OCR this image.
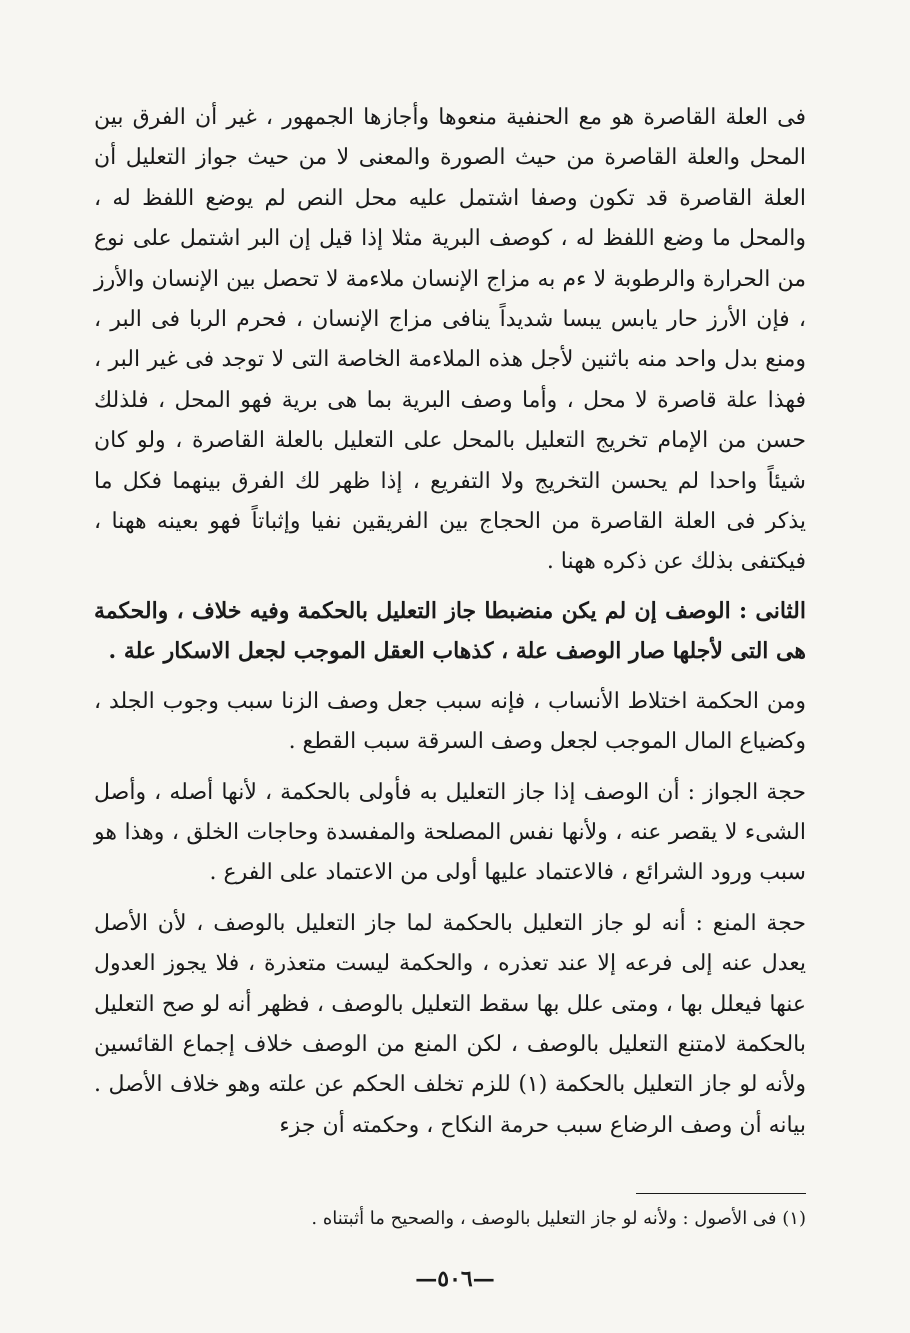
فى العلة القاصرة هو مع الحنفية منعوها وأجازها الجمهور ، غير أن الفرق بين المحل والعلة القاصرة من حيث الصورة والمعنى لا من حيث جواز التعليل أن العلة القاصرة قد تكون وصفا اشتمل عليه محل النص لم يوضع اللفظ له ، والمحل ما وضع اللفظ له ، كوصف البرية مثلا إذا قيل إن البر اشتمل على نوع من الحرارة والرطوبة لا ءم به مزاج الإنسان ملاءمة لا تحصل بين الإنسان والأرز ، فإن الأرز حار يابس يبسا شديداً ينافى مزاج الإنسان ، فحرم الربا فى البر ، ومنع بدل واحد منه باثنين لأجل هذه الملاءمة الخاصة التى لا توجد فى غير البر ، فهذا علة قاصرة لا محل ، وأما وصف البرية بما هى برية فهو المحل ، فلذلك حسن من الإمام تخريج التعليل بالمحل على التعليل بالعلة القاصرة ، ولو كان شيئاً واحدا لم يحسن التخريج ولا التفريع ، إذا ظهر لك الفرق بينهما فكل ما يذكر فى العلة القاصرة من الحجاج بين الفريقين نفيا وإثباتاً فهو بعينه ههنا ، فيكتفى بذلك عن ذكره ههنا .

الثانى : الوصف إن لم يكن منضبطا جاز التعليل بالحكمة وفيه خلاف ، والحكمة هى التى لأجلها صار الوصف علة ، كذهاب العقل الموجب لجعل الاسكار علة .

ومن الحكمة اختلاط الأنساب ، فإنه سبب جعل وصف الزنا سبب وجوب الجلد ، وكضياع المال الموجب لجعل وصف السرقة سبب القطع .

حجة الجواز : أن الوصف إذا جاز التعليل به فأولى بالحكمة ، لأنها أصله ، وأصل الشىء لا يقصر عنه ، ولأنها نفس المصلحة والمفسدة وحاجات الخلق ، وهذا هو سبب ورود الشرائع ، فالاعتماد عليها أولى من الاعتماد على الفرع .

حجة المنع : أنه لو جاز التعليل بالحكمة لما جاز التعليل بالوصف ، لأن الأصل يعدل عنه إلى فرعه إلا عند تعذره ، والحكمة ليست متعذرة ، فلا يجوز العدول عنها فيعلل بها ، ومتى علل بها سقط التعليل بالوصف ، فظهر أنه لو صح التعليل بالحكمة لامتنع التعليل بالوصف ، لكن المنع من الوصف خلاف إجماع القائسين ولأنه لو جاز التعليل بالحكمة (١) للزم تخلف الحكم عن علته وهو خلاف الأصل . بيانه أن وصف الرضاع سبب حرمة النكاح ، وحكمته أن جزء

(١) فى الأصول : ولأنه لو جاز التعليل بالوصف ، والصحيح ما أثبتناه .

—٥٠٦—
